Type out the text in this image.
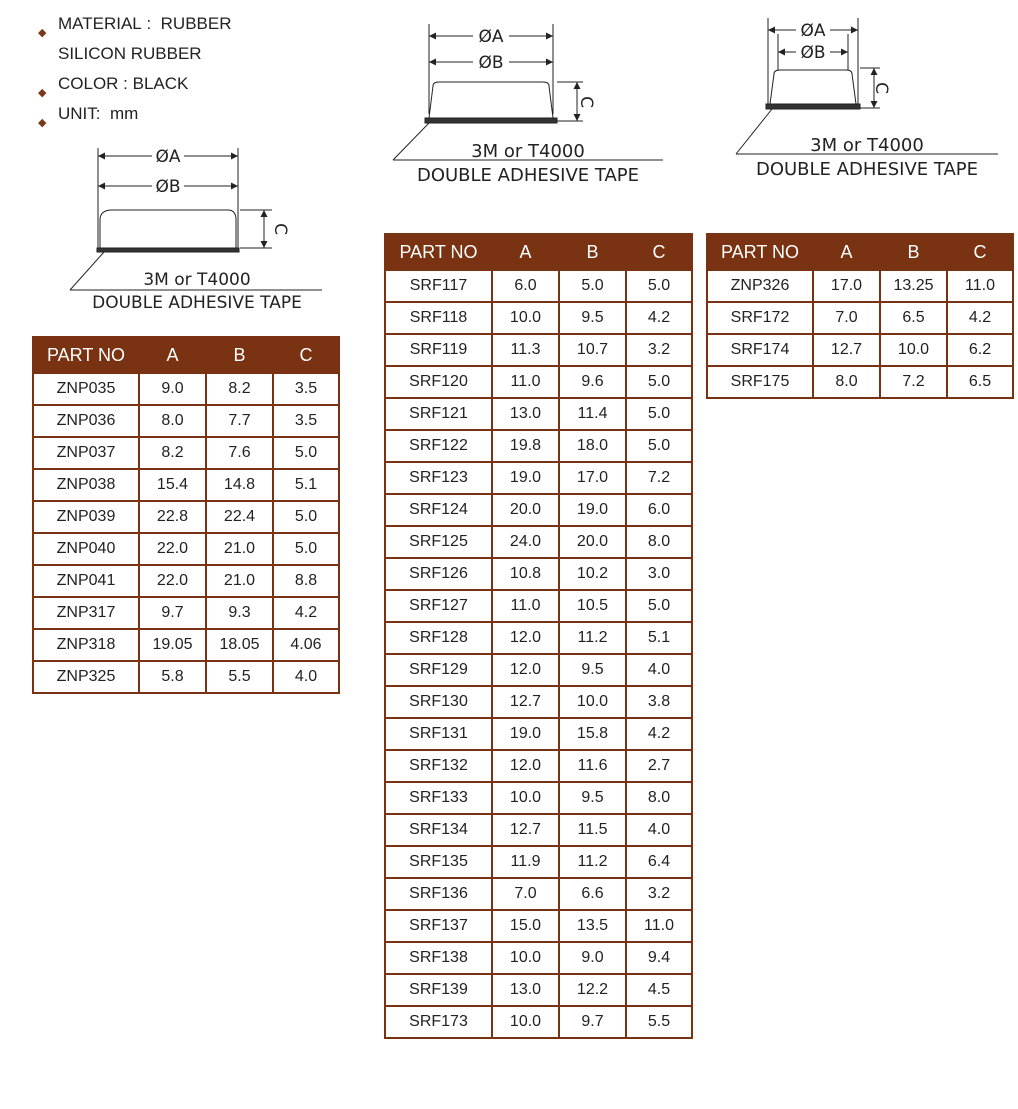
◆ MATERIAL :  RUBBER
SILICON RUBBER
◆ COLOR : BLACK
◆ UNIT:  mm
ØA
ØB
C
3M or T4000
DOUBLE ADHESIVE TAPE
ØA
ØB
C
3M or T4000
DOUBLE ADHESIVE TAPE
ØA
ØB
C
3M or T4000
DOUBLE ADHESIVE TAPE
PART NO	A	B	C
ZNP035	9.0	8.2	3.5
ZNP036	8.0	7.7	3.5
ZNP037	8.2	7.6	5.0
ZNP038	15.4	14.8	5.1
ZNP039	22.8	22.4	5.0
ZNP040	22.0	21.0	5.0
ZNP041	22.0	21.0	8.8
ZNP317	9.7	9.3	4.2
ZNP318	19.05	18.05	4.06
ZNP325	5.8	5.5	4.0
PART NO	A	B	C
SRF117	6.0	5.0	5.0
SRF118	10.0	9.5	4.2
SRF119	11.3	10.7	3.2
SRF120	11.0	9.6	5.0
SRF121	13.0	11.4	5.0
SRF122	19.8	18.0	5.0
SRF123	19.0	17.0	7.2
SRF124	20.0	19.0	6.0
SRF125	24.0	20.0	8.0
SRF126	10.8	10.2	3.0
SRF127	11.0	10.5	5.0
SRF128	12.0	11.2	5.1
SRF129	12.0	9.5	4.0
SRF130	12.7	10.0	3.8
SRF131	19.0	15.8	4.2
SRF132	12.0	11.6	2.7
SRF133	10.0	9.5	8.0
SRF134	12.7	11.5	4.0
SRF135	11.9	11.2	6.4
SRF136	7.0	6.6	3.2
SRF137	15.0	13.5	11.0
SRF138	10.0	9.0	9.4
SRF139	13.0	12.2	4.5
SRF173	10.0	9.7	5.5
PART NO	A	B	C
ZNP326	17.0	13.25	11.0
SRF172	7.0	6.5	4.2
SRF174	12.7	10.0	6.2
SRF175	8.0	7.2	6.5
